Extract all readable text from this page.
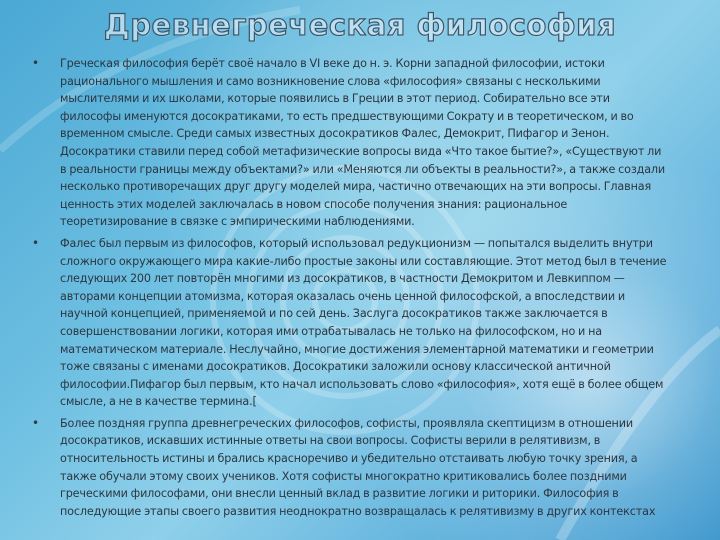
Древнегреческая философия
•	Греческая философия берёт своё начало в VI веке до н. э. Корни западной философии, истоки рационального мышления и само возникновение слова «философия» связаны с несколькими мыслителями и их школами, которые появились в Греции в этот период. Собирательно все эти философы именуются досократиками, то есть предшествующими Сократу и в теоретическом, и во временном смысле. Среди самых известных досократиков Фалес, Демокрит, Пифагор и Зенон. Досократики ставили перед собой метафизические вопросы вида «Что такое бытие?», «Существуют ли в реальности границы между объектами?» или «Меняются ли объекты в реальности?», а также создали несколько противоречащих друг другу моделей мира, частично отвечающих на эти вопросы. Главная ценность этих моделей заключалась в новом способе получения знания: рациональное теоретизирование в связке с эмпирическими наблюдениями.
•	Фалес был первым из философов, который использовал редукционизм — попытался выделить внутри сложного окружающего мира какие-либо простые законы или составляющие. Этот метод был в течение следующих 200 лет повторён многими из досократиков, в частности Демокритом и Левкиппом — авторами концепции атомизма, которая оказалась очень ценной философской, а впоследствии и научной концепцией, применяемой и по сей день. Заслуга досократиков также заключается в совершенствовании логики, которая ими отрабатывалась не только на философском, но и на математическом материале. Неслучайно, многие достижения элементарной математики и геометрии тоже связаны с именами досократиков. Досократики заложили основу классической античной философии.Пифагор был первым, кто начал использовать слово «философия», хотя ещё в более общем смысле, а не в качестве термина.[
•	Более поздняя группа древнегреческих философов, софисты, проявляла скептицизм в отношении досократиков, искавших истинные ответы на свои вопросы. Софисты верили в релятивизм, в относительность истины и брались красноречиво и убедительно отстаивать любую точку зрения, а также обучали этому своих учеников. Хотя софисты многократно критиковались более поздними греческими философами, они внесли ценный вклад в развитие логики и риторики. Философия в последующие этапы своего развития неоднократно возвращалась к релятивизму в других контекстах
